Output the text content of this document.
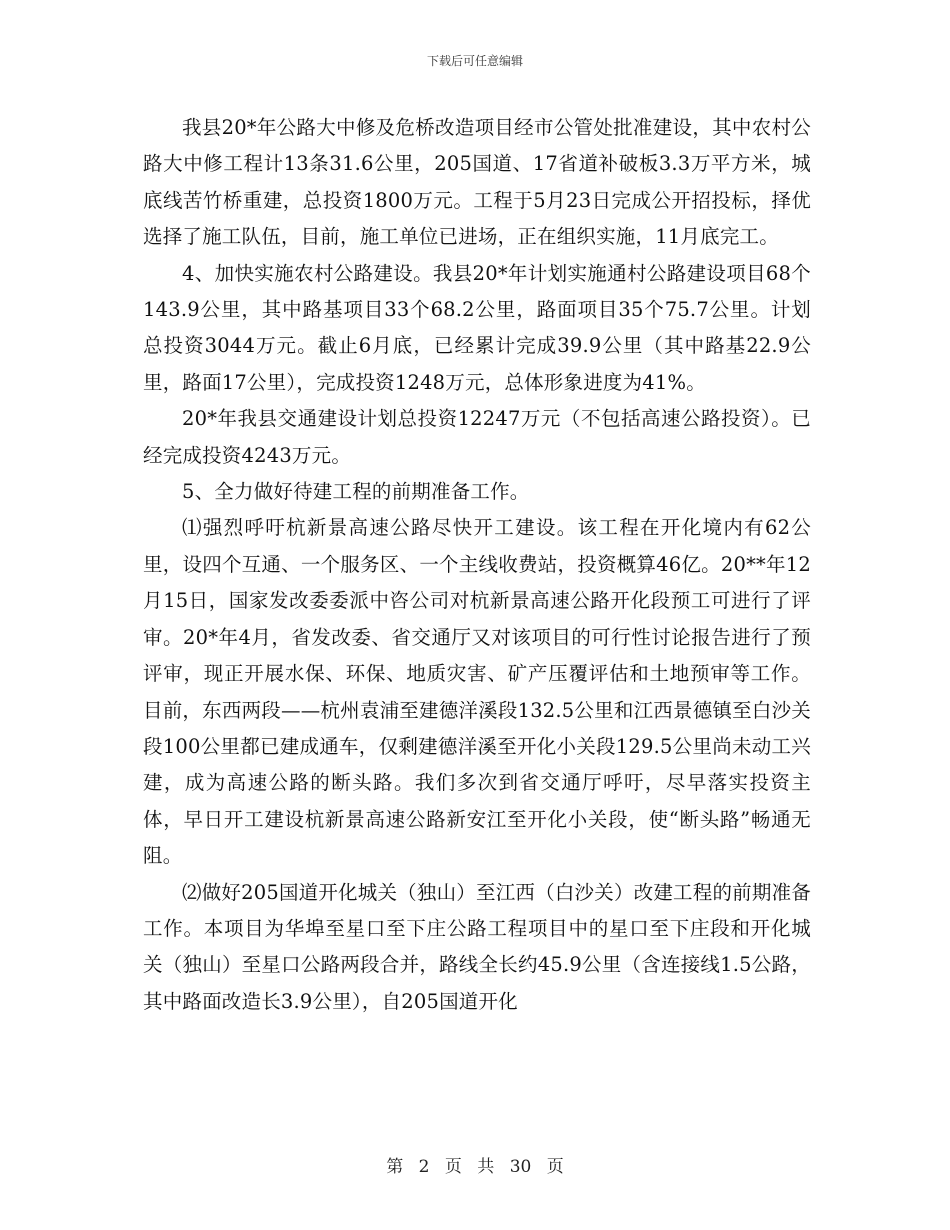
下载后可任意编辑

我县20*年公路大中修及危桥改造项目经市公管处批准建设，其中农村公路大中修工程计13条31.6公里，205国道、17省道补破板3.3万平方米，城底线苦竹桥重建，总投资1800万元。工程于5月23日完成公开招投标，择优选择了施工队伍，目前，施工单位已进场，正在组织实施，11月底完工。

4、加快实施农村公路建设。我县20*年计划实施通村公路建设项目68个143.9公里，其中路基项目33个68.2公里，路面项目35个75.7公里。计划总投资3044万元。截止6月底，已经累计完成39.9公里（其中路基22.9公里，路面17公里），完成投资1248万元，总体形象进度为41%。

20*年我县交通建设计划总投资12247万元（不包括高速公路投资）。已经完成投资4243万元。

5、全力做好待建工程的前期准备工作。

⑴强烈呼吁杭新景高速公路尽快开工建设。该工程在开化境内有62公里，设四个互通、一个服务区、一个主线收费站，投资概算46亿。20**年12月15日，国家发改委委派中咨公司对杭新景高速公路开化段预工可进行了评审。20*年4月，省发改委、省交通厅又对该项目的可行性讨论报告进行了预评审，现正开展水保、环保、地质灾害、矿产压覆评估和土地预审等工作。目前，东西两段——杭州袁浦至建德洋溪段132.5公里和江西景德镇至白沙关段100公里都已建成通车，仅剩建德洋溪至开化小关段129.5公里尚未动工兴建，成为高速公路的断头路。我们多次到省交通厅呼吁，尽早落实投资主体，早日开工建设杭新景高速公路新安江至开化小关段，使“断头路”畅通无阻。

⑵做好205国道开化城关（独山）至江西（白沙关）改建工程的前期准备工作。本项目为华埠至星口至下庄公路工程项目中的星口至下庄段和开化城关（独山）至星口公路两段合并，路线全长约45.9公里（含连接线1.5公路，其中路面改造长3.9公里），自205国道开化

第 2 页 共 30 页
